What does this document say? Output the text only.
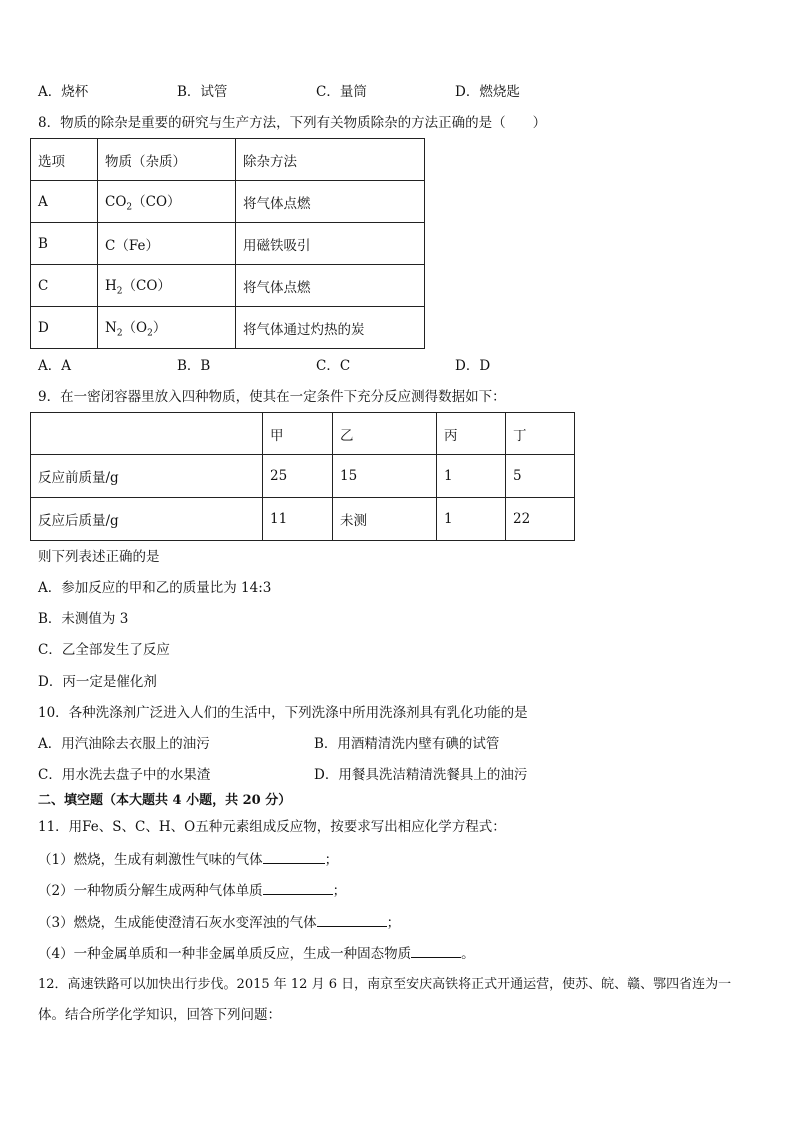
A．烧杯	B．试管	C．量筒	D．燃烧匙
8．物质的除杂是重要的研究与生产方法，下列有关物质除杂的方法正确的是（　　）
选项	物质（杂质）	除杂方法
A	$CO_2(CO)$	将气体点燃
B	C（Fe）	用磁铁吸引
C	$H_2(CO)$	将气体点燃
D	$N_2(O_2)$	将气体通过灼热的炭
A．A	B．B	C．C	D．D
9．在一密闭容器里放入四种物质，使其在一定条件下充分反应测得数据如下：
	甲	乙	丙	丁
反应前质量/g	25	15	1	5
反应后质量/g	11	未测	1	22
则下列表述正确的是
A．参加反应的甲和乙的质量比为 14:3
B．未测值为 3
C．乙全部发生了反应
D．丙一定是催化剂
10．各种洗涤剂广泛进入人们的生活中，下列洗涤中所用洗涤剂具有乳化功能的是
A．用汽油除去衣服上的油污	B．用酒精清洗内壁有碘的试管
C．用水洗去盘子中的水果渣	D．用餐具洗洁精清洗餐具上的油污
二、填空题（本大题共 4 小题，共 20 分）
11．用Fe、S、C、H、O五种元素组成反应物，按要求写出相应化学方程式：
（1）燃烧，生成有刺激性气味的气体	；
（2）一种物质分解生成两种气体单质	；
（3）燃烧，生成能使澄清石灰水变浑浊的气体	；
（4）一种金属单质和一种非金属单质反应，生成一种固态物质	。
12．高速铁路可以加快出行步伐。2015 年 12 月 6 日，南京至安庆高铁将正式开通运营，使苏、皖、赣、鄂四省连为一
体。结合所学化学知识，回答下列问题：
